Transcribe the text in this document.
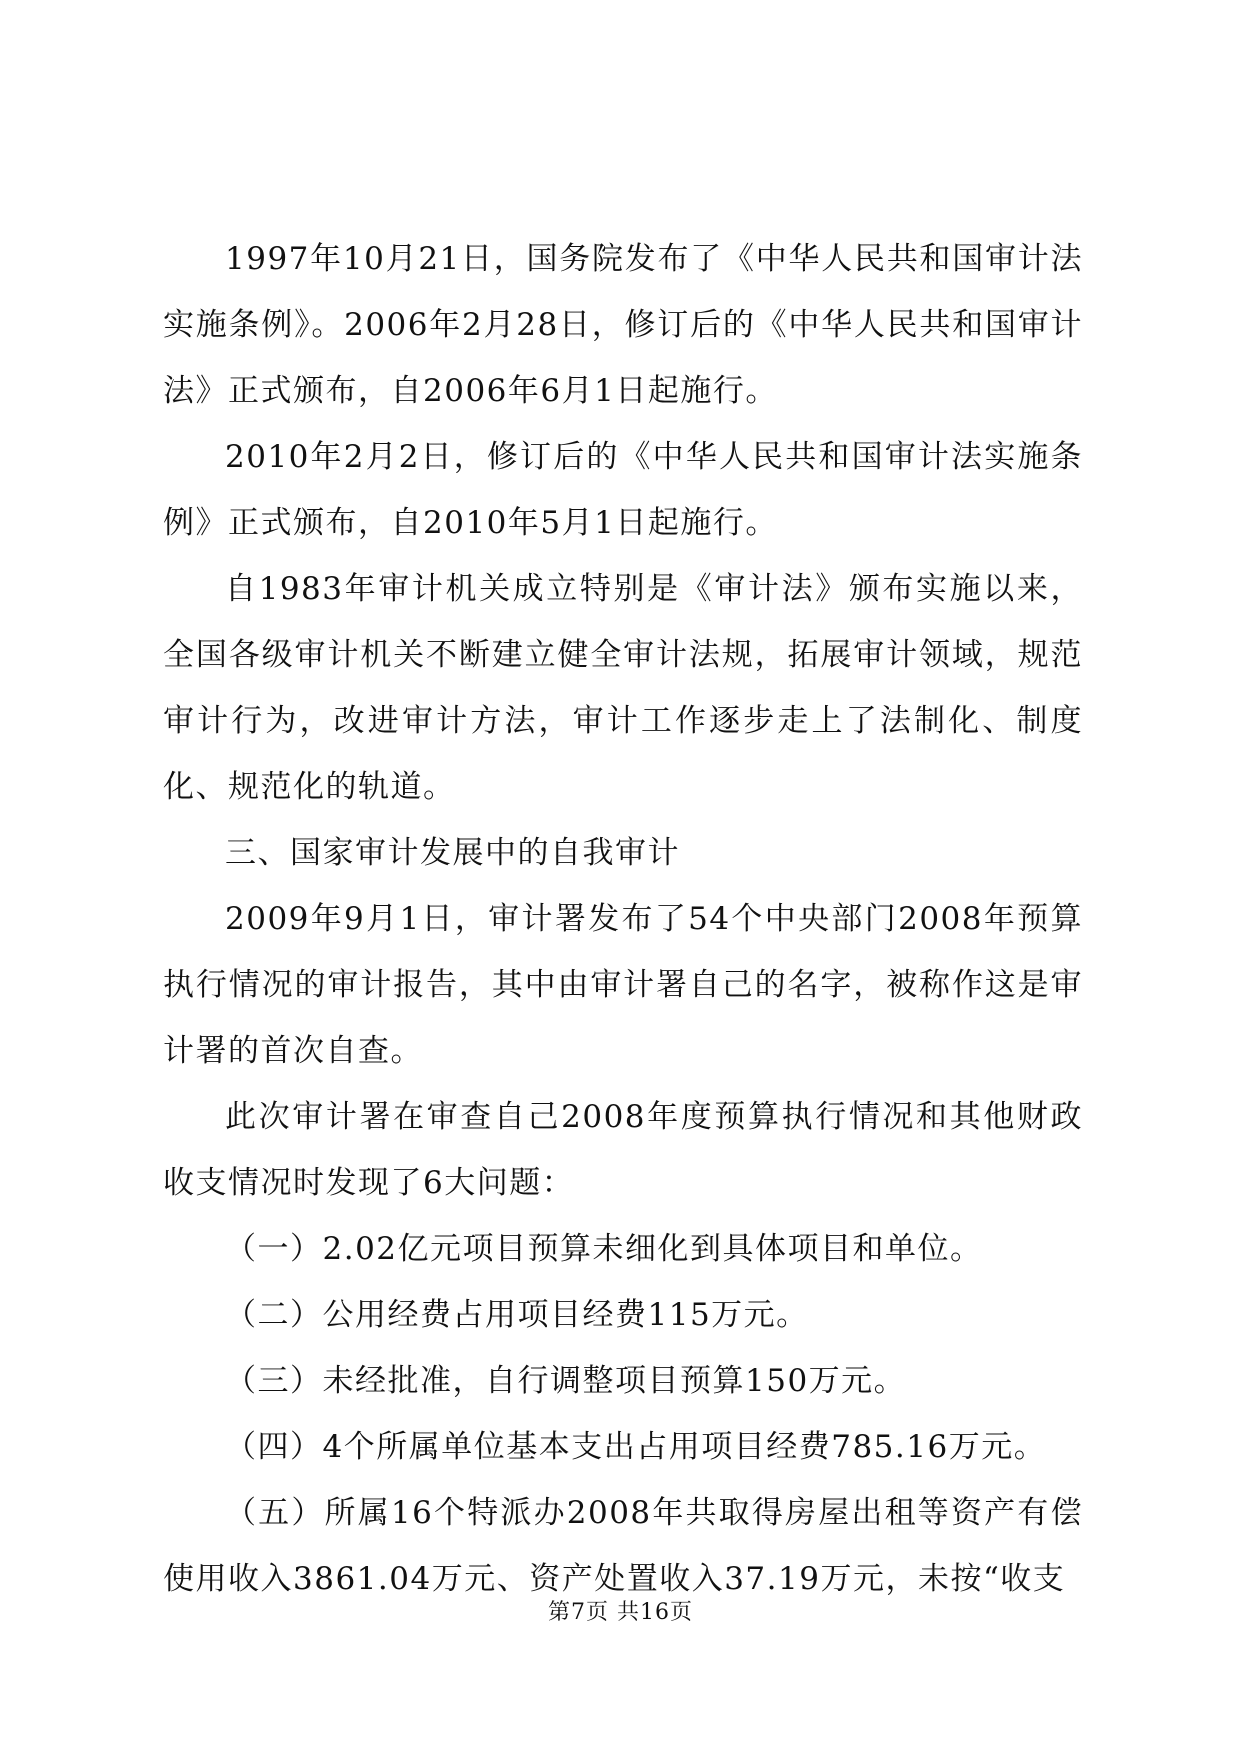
1997年10月21日，国务院发布了《中华人民共和国审计法实施条例》。2006年2月28日，修订后的《中华人民共和国审计法》正式颁布，自2006年6月1日起施行。

2010年2月2日，修订后的《中华人民共和国审计法实施条例》正式颁布，自2010年5月1日起施行。

自1983年审计机关成立特别是《审计法》颁布实施以来，全国各级审计机关不断建立健全审计法规，拓展审计领域，规范审计行为，改进审计方法，审计工作逐步走上了法制化、制度化、规范化的轨道。

三、国家审计发展中的自我审计

2009年9月1日，审计署发布了54个中央部门2008年预算执行情况的审计报告，其中由审计署自己的名字，被称作这是审计署的首次自查。

此次审计署在审查自己2008年度预算执行情况和其他财政收支情况时发现了6大问题：

（一）2.02亿元项目预算未细化到具体项目和单位。

（二）公用经费占用项目经费115万元。

（三）未经批准，自行调整项目预算150万元。

（四）4个所属单位基本支出占用项目经费785.16万元。

（五）所属16个特派办2008年共取得房屋出租等资产有偿使用收入3861.04万元、资产处置收入37.19万元，未按“收支

第7页 共16页
